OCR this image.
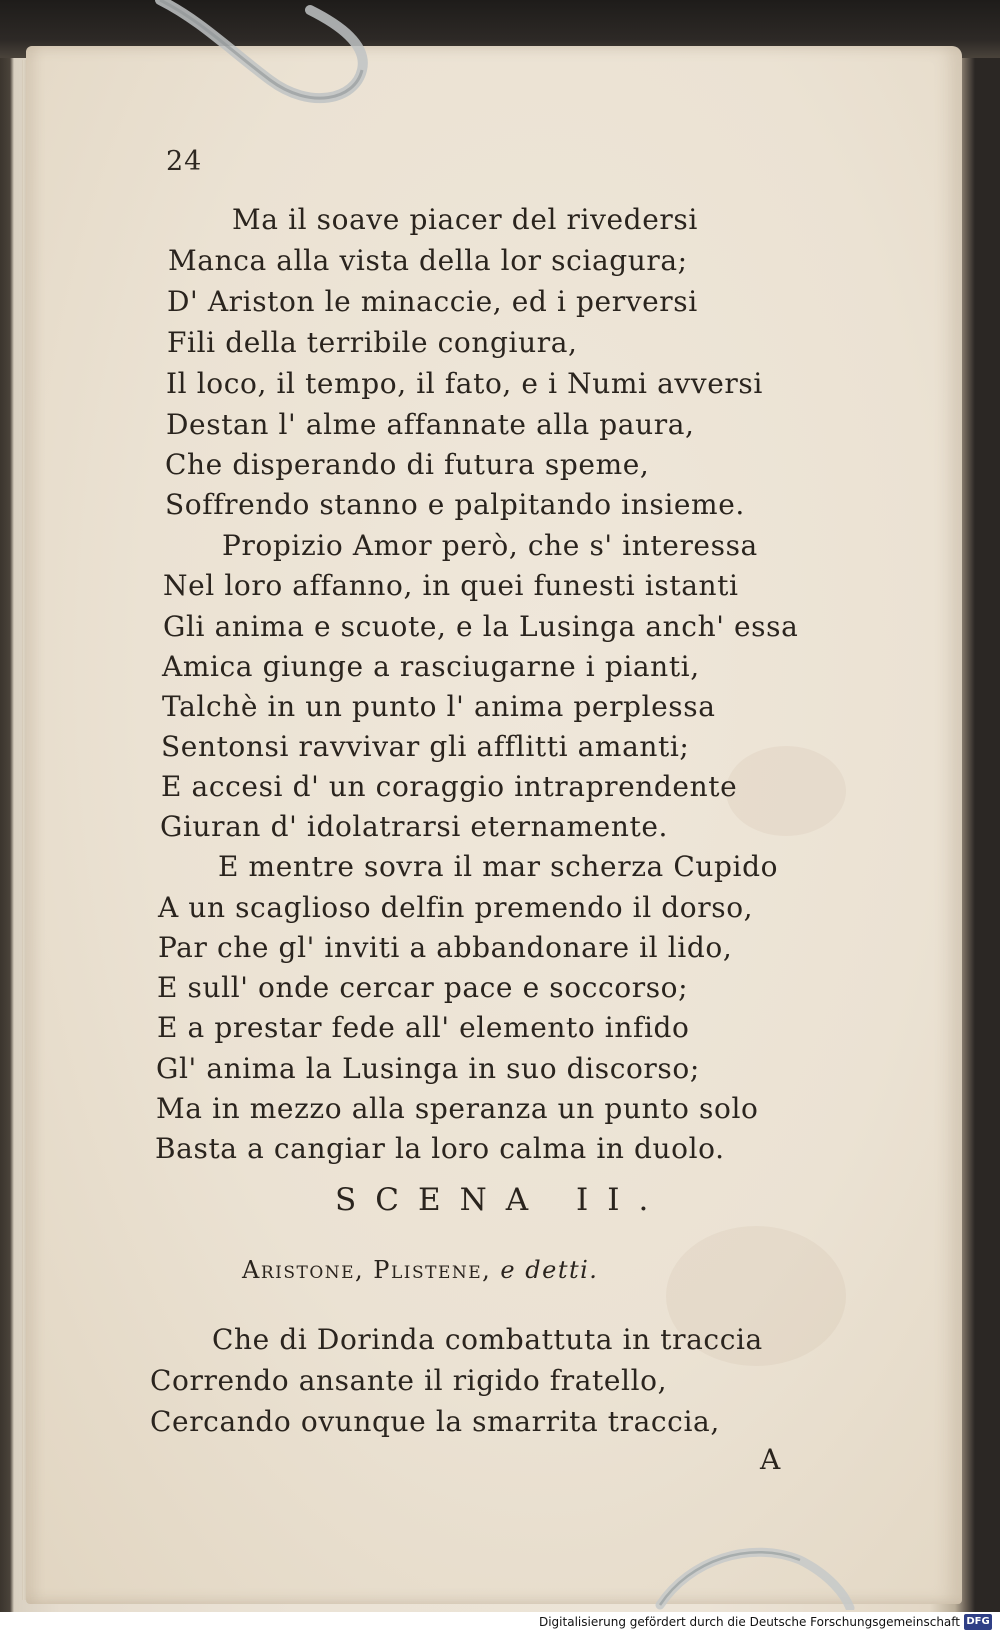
24
Ma il soave piacer del rivedersi
Manca alla vista della lor sciagura;
D' Ariston le minaccie, ed i perversi
Fili della terribile congiura,
Il loco, il tempo, il fato, e i Numi avversi
Destan l' alme affannate alla paura,
Che disperando di futura speme,
Soffrendo stanno e palpitando insieme.
Propizio Amor però, che s' interessa
Nel loro affanno, in quei funesti istanti
Gli anima e scuote, e la Lusinga anch' essa
Amica giunge a rasciugarne i pianti,
Talchè in un punto l' anima perplessa
Sentonsi ravvivar gli afflitti amanti;
E accesi d' un coraggio intraprendente
Giuran d' idolatrarsi eternamente.
E mentre sovra il mar scherza Cupido
A un scaglioso delfin premendo il dorso,
Par che gl' inviti a abbandonare il lido,
E sull' onde cercar pace e soccorso;
E a prestar fede all' elemento infido
Gl' anima la Lusinga in suo discorso;
Ma in mezzo alla speranza un punto solo
Basta a cangiar la loro calma in duolo.
SCENA II.
Aristone, Plistene, e detti.
Che di Dorinda combattuta in traccia
Correndo ansante il rigido fratello,
Cercando ovunque la smarrita traccia,
A
Digitalisierung gefördert durch die Deutsche Forschungsgemeinschaft DFG
